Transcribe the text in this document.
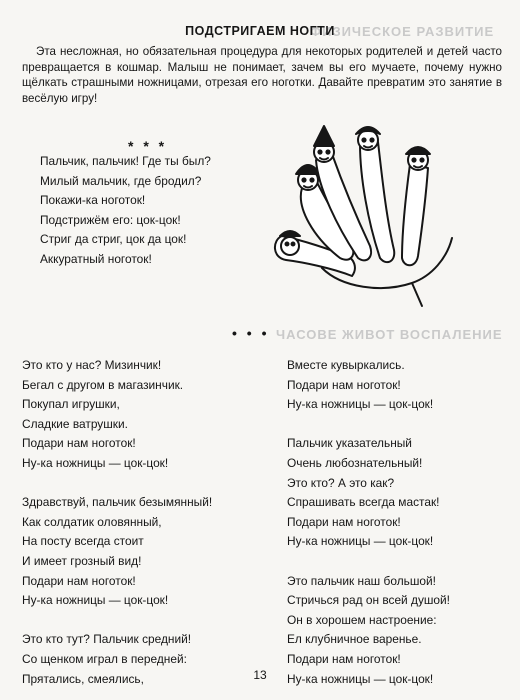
ФИЗИЧЕСКОЕ РАЗВИТИЕ
ЧАСОВЕ ЖИВОТ ВОСПАЛЕНИЕ
ПОДСТРИГАЕМ НОГТИ
Эта несложная, но обязательная процедура для некоторых родителей и детей часто превращается в кошмар. Малыш не понимает, зачем вы его мучаете, почему нужно щёлкать страшными ножницами, отрезая его ноготки. Давайте превратим это занятие в весёлую игру!
* * *
Пальчик, пальчик! Где ты был?
Милый мальчик, где бродил?
Покажи-ка ноготок!
Подстрижём его: цок-цок!
Стриг да стриг, цок да цок!
Аккуратный ноготок!
• • •
Это кто у нас? Мизинчик!
Бегал с другом в магазинчик.
Покупал игрушки,
Сладкие ватрушки.
Подари нам ноготок!
Ну-ка ножницы — цок-цок!

Здравствуй, пальчик безымянный!
Как солдатик оловянный,
На посту всегда стоит
И имеет грозный вид!
Подари нам ноготок!
Ну-ка ножницы — цок-цок!

Это кто тут? Пальчик средний!
Со щенком играл в передней:
Прятались, смеялись,
Вместе кувыркались.
Подари нам ноготок!
Ну-ка ножницы — цок-цок!

Пальчик указательный
Очень любознательный!
Это кто? А это как?
Спрашивать всегда мастак!
Подари нам ноготок!
Ну-ка ножницы — цок-цок!

Это пальчик наш большой!
Стричься рад он всей душой!
Он в хорошем настроение:
Ел клубничное варенье.
Подари нам ноготок!
Ну-ка ножницы — цок-цок!
13
